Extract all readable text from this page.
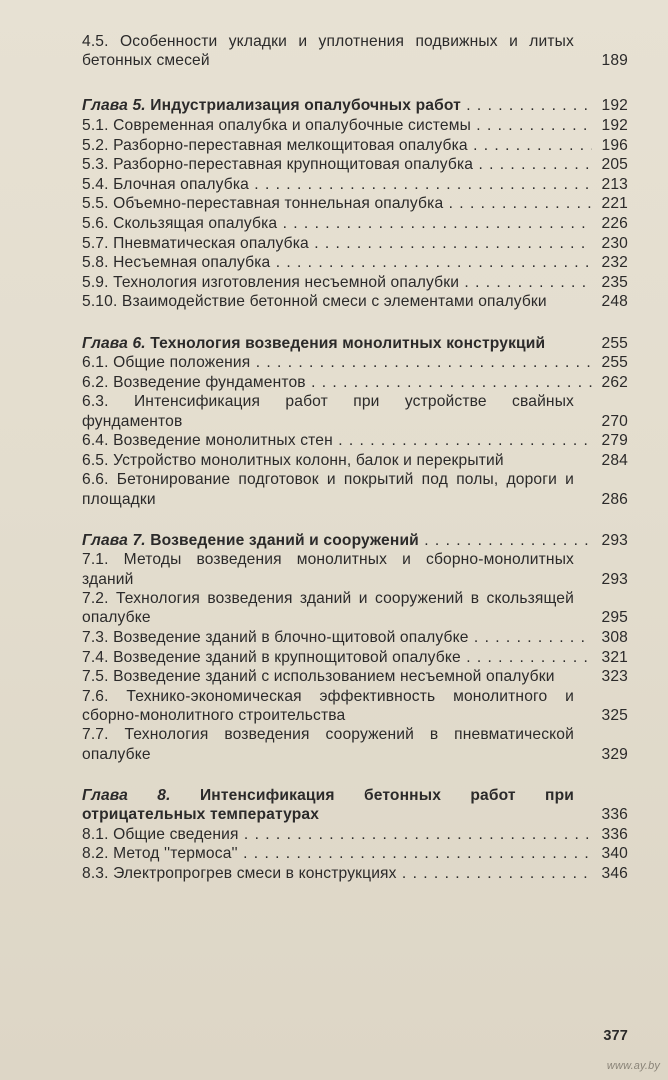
4.5. Особенности укладки и уплотнения подвижных и литых бетонных смесей	189
Глава 5. Индустриализация опалубочных работ . . .	192
5.1. Современная опалубка и опалубочные системы . . .	192
5.2. Разборно-переставная мелкощитовая опалубка . . .	196
5.3. Разборно-переставная крупнощитовая опалубка . . .	205
5.4. Блочная опалубка . . .	213
5.5. Объемно-переставная тоннельная опалубка . . .	221
5.6. Скользящая опалубка . . .	226
5.7. Пневматическая опалубка . . .	230
5.8. Несъемная опалубка . . .	232
5.9. Технология изготовления несъемной опалубки . . .	235
5.10. Взаимодействие бетонной смеси с элементами опалубки	248
Глава 6. Технология возведения монолитных конструкций	255
6.1. Общие положения . . .	255
6.2. Возведение фундаментов . . .	262
6.3. Интенсификация работ при устройстве свайных фундаментов	270
6.4. Возведение монолитных стен . . .	279
6.5. Устройство монолитных колонн, балок и перекрытий	284
6.6. Бетонирование подготовок и покрытий под полы, дороги и площадки	286
Глава 7. Возведение зданий и сооружений . . .	293
7.1. Методы возведения монолитных и сборно-монолитных зданий	293
7.2. Технология возведения зданий и сооружений в скользящей опалубке	295
7.3. Возведение зданий в блочно-щитовой опалубке . . .	308
7.4. Возведение зданий в крупнощитовой опалубке . . .	321
7.5. Возведение зданий с использованием несъемной опалубки	323
7.6. Технико-экономическая эффективность монолитного и сборно-монолитного строительства	325
7.7. Технология возведения сооружений в пневматической опалубке	329
Глава 8. Интенсификация бетонных работ при отрицательных температурах	336
8.1. Общие сведения . . .	336
8.2. Метод ''термоса'' . . .	340
8.3. Электропрогрев смеси в конструкциях . . .	346
377
www.ay.by
